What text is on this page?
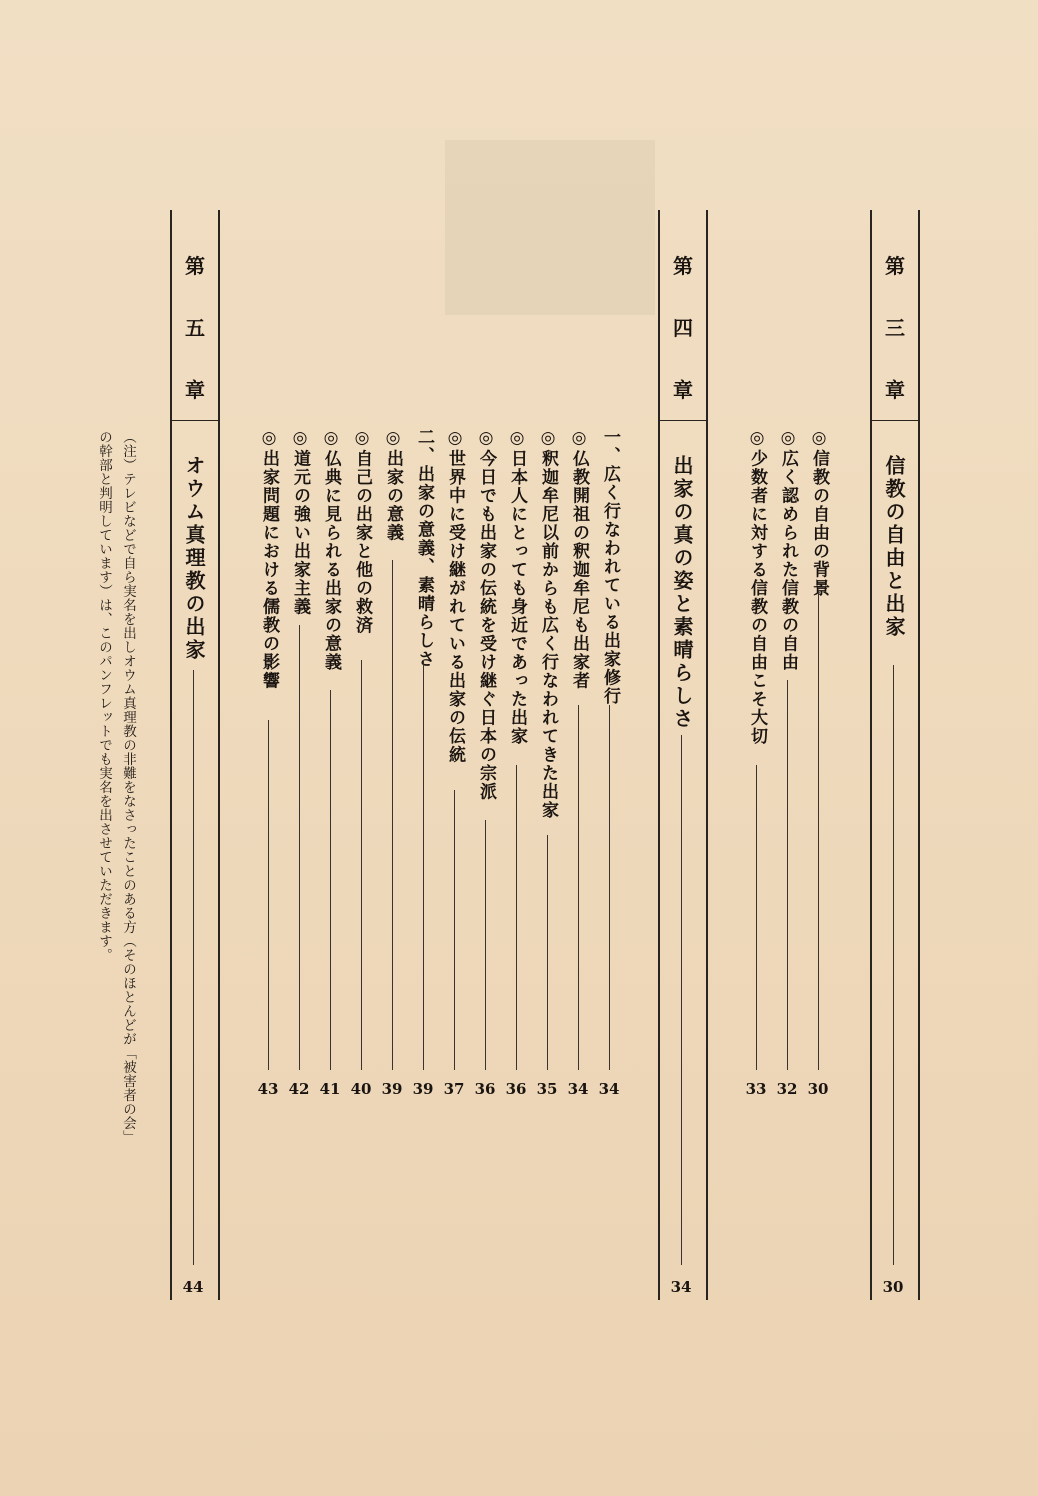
第
三
章
信教の自由と出家
30
◎信教の自由の背景
30
◎広く認められた信教の自由
32
◎少数者に対する信教の自由こそ大切
33
第
四
章
出家の真の姿と素晴らしさ
34
一、広く行なわれている出家修行
34
◎仏教開祖の釈迦牟尼も出家者
34
◎釈迦牟尼以前からも広く行なわれてきた出家
35
◎日本人にとっても身近であった出家
36
◎今日でも出家の伝統を受け継ぐ日本の宗派
36
◎世界中に受け継がれている出家の伝統
37
二、出家の意義、素晴らしさ
39
◎出家の意義
39
◎自己の出家と他の救済
40
◎仏典に見られる出家の意義
41
◎道元の強い出家主義
42
◎出家問題における儒教の影響
43
第
五
章
オウム真理教の出家
44
（注）テレビなどで自ら実名を出しオウム真理教の非難をなさったことのある方（そのほとんどが「被害者の会」
の幹部と判明しています）は、このパンフレットでも実名を出させていただきます。
